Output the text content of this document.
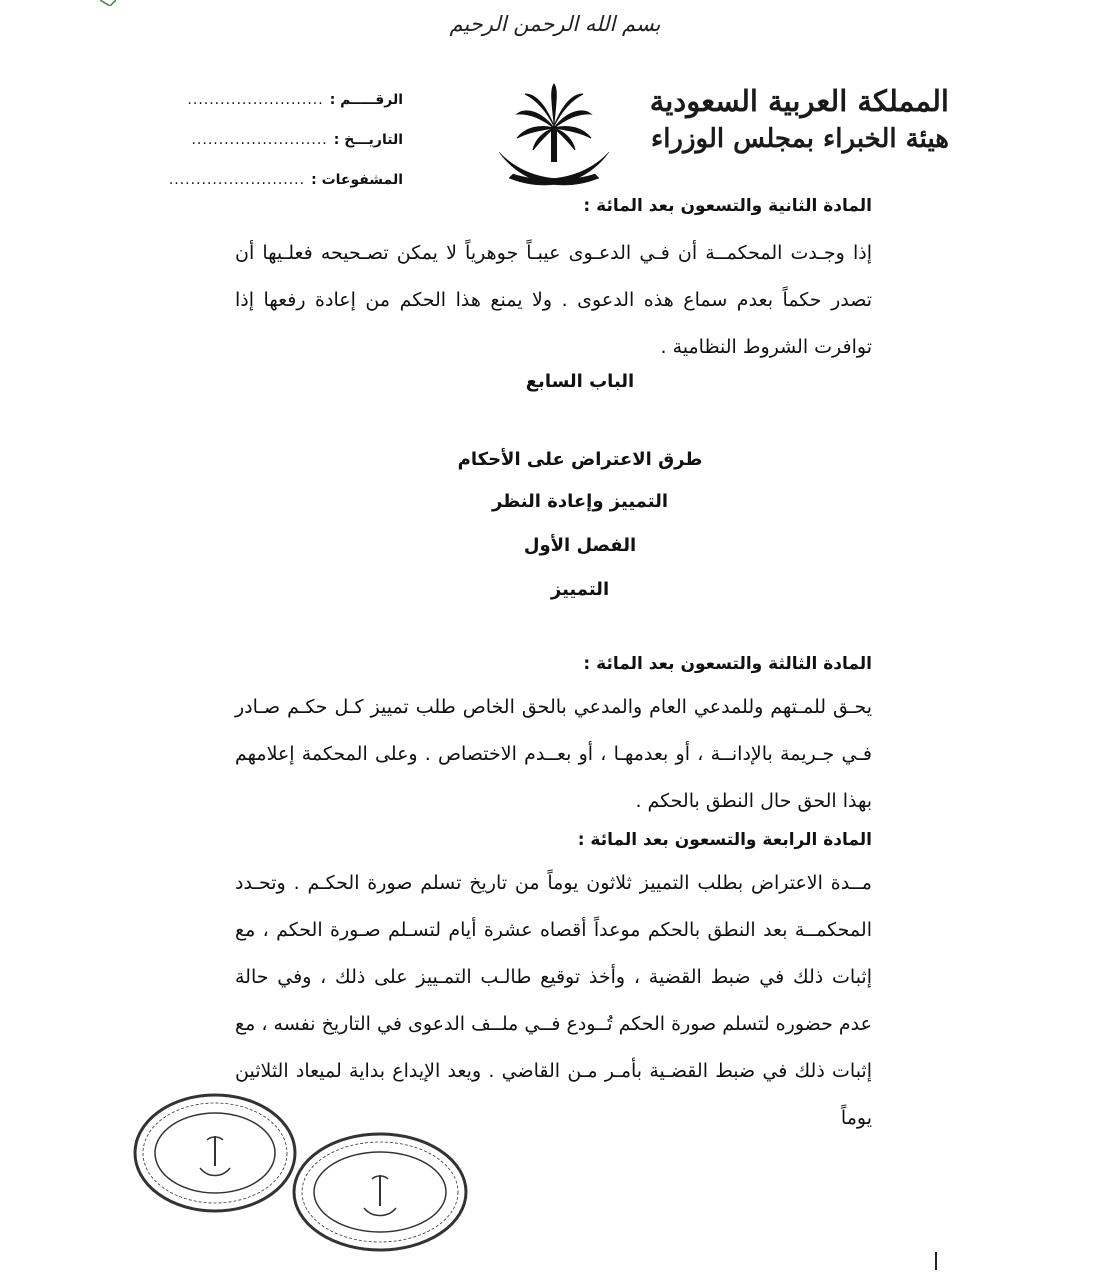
بسم الله الرحمن الرحيم
المملكة العربية السعودية
هيئة الخبراء بمجلس الوزراء
الرقـــــم :
.........................
التاريـــخ :
.........................
المشفوعات :
.........................
المادة الثانية والتسعون بعد المائة :
إذا وجـدت المحكمــة أن فـي الدعـوى عيبـاً جوهرياً لا يمكن تصـحيحه فعلـيها أن تصدر حكماً بعدم سماع هذه الدعوى . ولا يمنع هذا الحكم من إعادة رفعها إذا توافرت الشروط النظامية .
الباب السابع
طرق الاعتراض على الأحكام
التمييز وإعادة النظر
الفصل الأول
التمييز
المادة الثالثة والتسعون بعد المائة :
يحـق للمـتهم وللمدعي العام والمدعي بالحق الخاص طلب تمييز كـل حكـم صـادر فـي جـريمة بالإدانــة ، أو بعدمهـا ، أو بعــدم الاختصاص . وعلى المحكمة إعلامهم بهذا الحق حال النطق بالحكم .
المادة الرابعة والتسعون بعد المائة :
مــدة الاعتراض بطلب التمييز ثلاثون يوماً من تاريخ تسلم صورة الحكـم . وتحـدد المحكمــة بعد النطق بالحكم موعداً أقصاه عشرة أيام لتسـلم صـورة الحكم ، مع إثبات ذلك في ضبط القضية ، وأخذ توقيع طالـب التمـييز على ذلك ، وفي حالة عدم حضوره لتسلم صورة الحكم تُــودع فــي ملــف الدعوى في التاريخ نفسه ، مع إثبات ذلك في ضبط القضـية بأمـر مـن القاضي . ويعد الإيداع بداية لميعاد الثلاثين يوماً
